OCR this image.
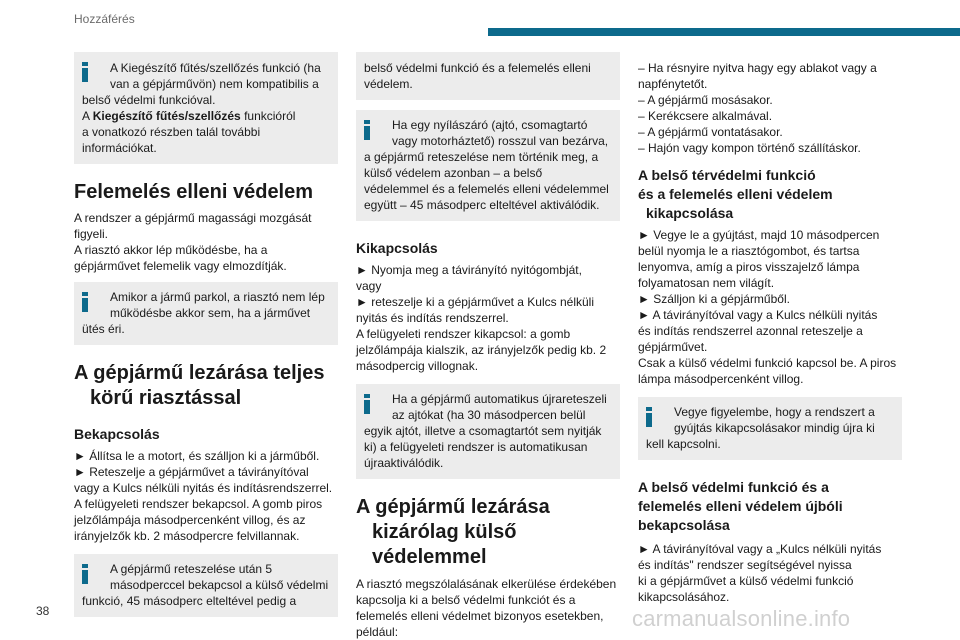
Hozzáférés

A Kiegészítő fűtés/szellőzés funkció (ha

van a gépjárművön) nem kompatibilis a

belső védelmi funkcióval.

A Kiegészítő fűtés/szellőzés funkcióról

a vonatkozó részben talál további

információkat.

Felemelés elleni védelem

A rendszer a gépjármű magassági mozgását

figyeli.

A riasztó akkor lép működésbe, ha a

gépjárművet felemelik vagy elmozdítják.

Amikor a jármű parkol, a riasztó nem lép

működésbe akkor sem, ha a járművet

ütés éri.

A gépjármű lezárása teljes
körű riasztással
Bekapcsolás

► Állítsa le a motort, és szálljon ki a járműből.

► Reteszelje a gépjárművet a távirányítóval

vagy a Kulcs nélküli nyitás és indításrendszerrel.

A felügyeleti rendszer bekapcsol. A gomb piros

jelzőlámpája másodpercenként villog, és az

irányjelzők kb. 2 másodpercre felvillannak.

A gépjármű reteszelése után 5

másodperccel bekapcsol a külső védelmi

funkció, 45 másodperc elteltével pedig a

belső védelmi funkció és a felemelés elleni

védelem.

Ha egy nyílászáró (ajtó, csomagtartó

vagy motorháztető) rosszul van bezárva,

a gépjármű reteszelése nem történik meg, a

külső védelem azonban – a belső

védelemmel és a felemelés elleni védelemmel

együtt – 45 másodperc elteltével aktiválódik.

Kikapcsolás

► Nyomja meg a távirányító nyitógombját,

vagy

► reteszelje ki a gépjárművet a Kulcs nélküli

nyitás és indítás rendszerrel.

A felügyeleti rendszer kikapcsol: a gomb

jelzőlámpája kialszik, az irányjelzők pedig kb. 2

másodpercig villognak.

Ha a gépjármű automatikus újrareteszeli

az ajtókat (ha 30 másodpercen belül

egyik ajtót, illetve a csomagtartót sem nyitják

ki) a felügyeleti rendszer is automatikusan

újraaktiválódik.

A gépjármű lezárása
kizárólag külső védelemmel

A riasztó megszólalásának elkerülése érdekében

kapcsolja ki a belső védelmi funkciót és a

felemelés elleni védelmet bizonyos esetekben,

például:

– Ha résnyire nyitva hagy egy ablakot vagy a

napfénytetőt.

– A gépjármű mosásakor.

– Kerékcsere alkalmával.

– A gépjármű vontatásakor.

– Hajón vagy kompon történő szállításkor.

A belső térvédelmi funkció
és a felemelés elleni védelem
kikapcsolása

► Vegye le a gyújtást, majd 10 másodpercen

belül nyomja le a riasztógombot, és tartsa

lenyomva, amíg a piros visszajelző lámpa

folyamatosan nem világít.

► Szálljon ki a gépjárműből.

► A távirányítóval vagy a Kulcs nélküli nyitás

és indítás rendszerrel azonnal reteszelje a

gépjárművet.

Csak a külső védelmi funkció kapcsol be. A piros

lámpa másodpercenként villog.

Vegye figyelembe, hogy a rendszert a

gyújtás kikapcsolásakor mindig újra ki

kell kapcsolni.

A belső védelmi funkció és a
felemelés elleni védelem újbóli
bekapcsolása

► A távirányítóval vagy a „Kulcs nélküli nyitás

és indítás" rendszer segítségével nyissa

ki a gépjárművet a külső védelmi funkció

kikapcsolásához.

38	carmanualsonline.info
